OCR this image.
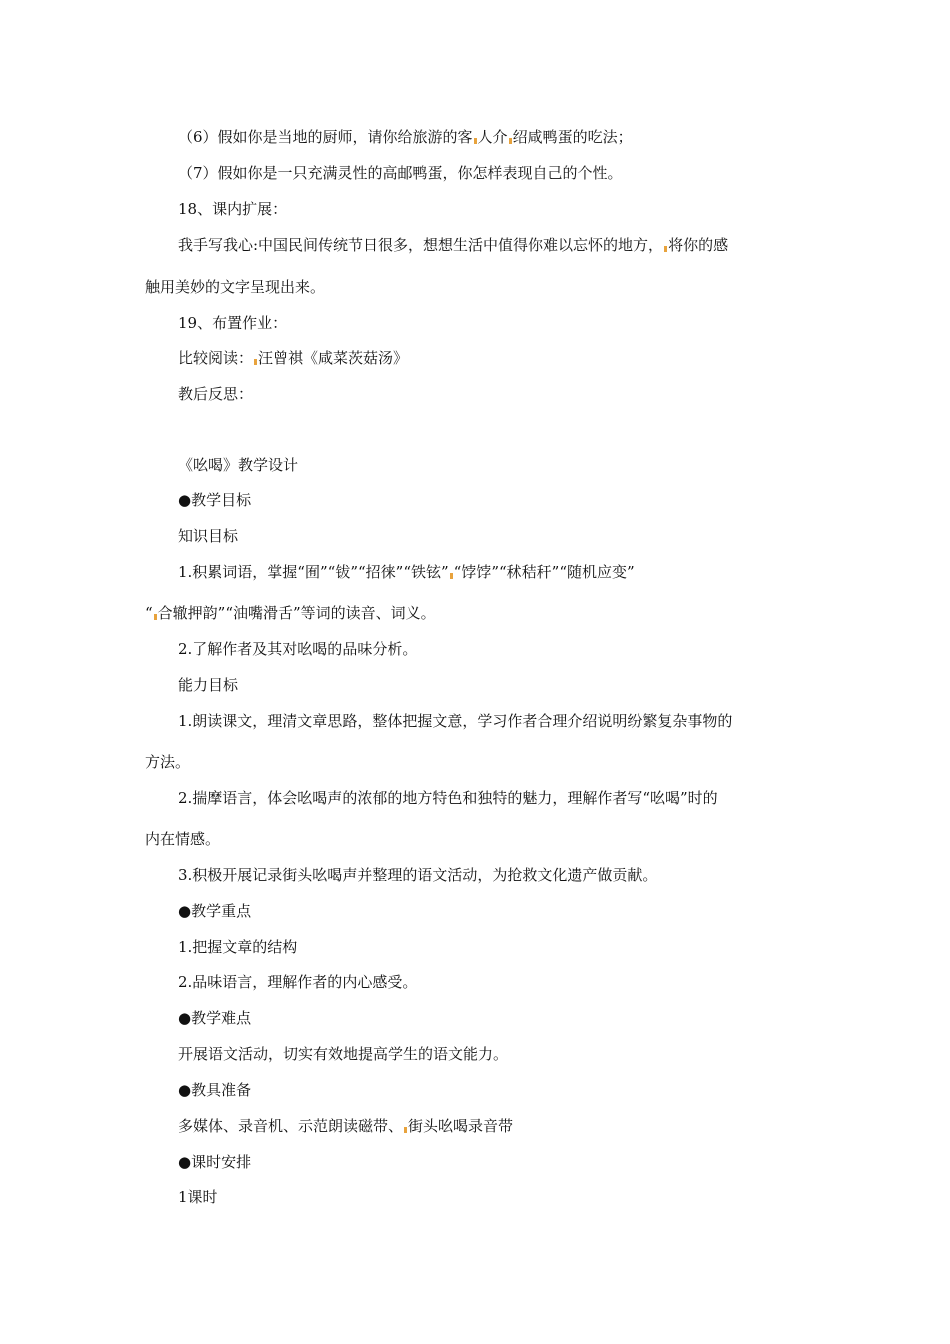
（6）假如你是当地的厨师，请你给旅游的客 人介 绍咸鸭蛋的吃法；
（7）假如你是一只充满灵性的高邮鸭蛋，你怎样表现自己的个性。
18、课内扩展：
我手写我心:中国民间传统节日很多，想想生活中值得你难以忘怀的地方， 将你的感
触用美妙的文字呈现出来。
19、布置作业：
比较阅读： 汪曾祺《咸菜茨菇汤》
教后反思：
《吆喝》教学设计
●教学目标
知识目标
1.积累词语，掌握“囿”“钹”“招徕”“铁铉” “饽饽”“秫秸秆”“随机应变”
“ 合辙押韵”“油嘴滑舌”等词的读音、词义。
2.了解作者及其对吆喝的品味分析。
能力目标
1.朗读课文，理清文章思路，整体把握文意，学习作者合理介绍说明纷繁复杂事物的
方法。
2.揣摩语言，体会吆喝声的浓郁的地方特色和独特的魅力，理解作者写“吆喝”时的
内在情感。
3.积极开展记录街头吆喝声并整理的语文活动，为抢救文化遗产做贡献。
●教学重点
1.把握文章的结构
2.品味语言，理解作者的内心感受。
●教学难点
开展语文活动，切实有效地提高学生的语文能力。
●教具准备
多媒体、录音机、示范朗读磁带、 街头吆喝录音带
●课时安排
1课时
